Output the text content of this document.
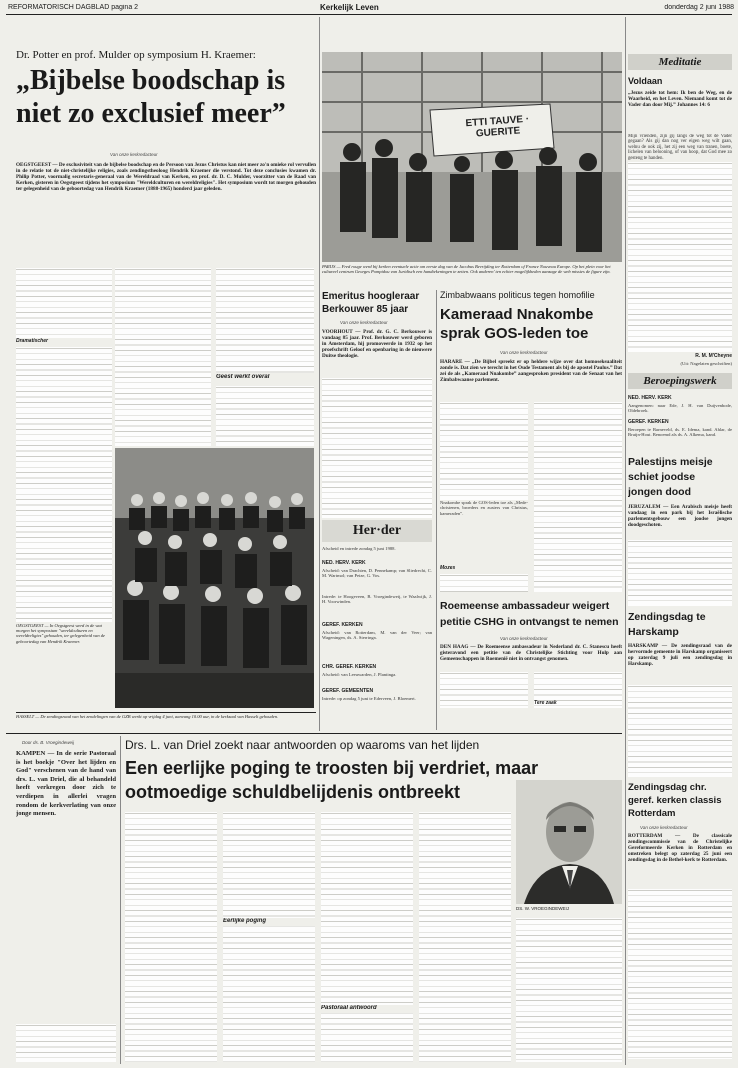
REFORMATORISCH DAGBLAD pagina 2	Kerkelijk Leven	donderdag 2 juni 1988
Dr. Potter en prof. Mulder op symposium H. Kraemer:
„Bijbelse boodschap is niet zo exclusief meer”
Van onze kerkredacteur
OEGSTGEEST — De exclusiviteit van de bijbelse boodschap en de Persoon van Jezus Christus kan niet meer zo'n omieke rol vervullen in de relatie tot de niet-christelijke religies, zoals zendingstheoloog Hendrik Kraemer die verstond. Tot deze conclusies kwamen dr. Philip Potter, voormalig secretaris-generaal van de Wereldraad van Kerken, en prof. dr. D. C. Mulder, voorzitter van de Raad van Kerken, gisteren in Oegstgeest tijdens het symposium "Wereldculturen en wereldreligies". Het symposium wordt tot morgen gehouden ter gelegenheid van de geboortedag van Hendrik Kraemer (1888-1965) honderd jaar geleden.
Dramatischer
OEGSTGEEST — In Oegstgeest werd in de wat morgen het symposium "wereldculturen en wereldreligies" gehouden, ter gelegenheid van de geboortedag van Hendrik Kraemer.
Geest werkt overal
HASSELT — De zendingsraad van het zendelingen van de GZB werkt op vrijdag 4 juni, aanvang 10.00 uur, in de kerkzaal van Hasselt gehouden.
ETTI TAUVE · GUERITE
PARIJS — Fred rouge werd bij kerken eventuele actie om eerste dag van de Jacobus Bevrijding ter Rotterdam of France Nouveau Europe. Op het plein voor het cultureel centrum Georges Pompidou van Juridisch een handtekeningen te zetten. Ook anderen' ten echter mogelijkheden aanzage de web missies de figure zijn.
Emeritus hoogleraar Berkouwer 85 jaar
Van onze kerkredacteur
VOORHOUT — Prof. dr. G. C. Berkouwer is vandaag 85 jaar. Prof. Berkouwer werd geboren in Amsterdam, hij promoveerde in 1932 op het proefschrift Geloof en openbaring in de nieuwere Duitse theologie.
Her·der
Afscheid en intrede zondag 5 juni 1988.
NED. HERV. KERK
Afscheid: van Drachten, D. Pennekamp; van Sliedrecht, C. M. Wartmol; van Peize, G. Vos.
Intrede: te Hoogeveen, B. Vroegindeweij, te Waalwijk, J. H. Voorwinden.
GEREF. KERKEN
Afscheid: van Rotterdam, M. van der Veer; van Wageningen, ds. A. Sterringa.
CHR. GEREF. KERKEN
Afscheid: van Leeuwarden, J. Plantinga.
GEREF. GEMEENTEN
Intrede: op zondag 5 juni te Ederveen, J. Bloemert.
Zimbabwaans politicus tegen homofilie
Kameraad Nnakombe sprak GOS-leden toe
Van onze kerkredacteur
HARARE — „De Bijbel spreekt er op heldere wijze over dat homoseksualiteit zonde is. Dat zien we terecht in het Oude Testament als bij de apostel Paulus.” Dat zei de als „Kameraad Nnakombe” aangesproken president van de Senaat van het Zimbabwaanse parlement.
Nnakombe sprak de GOS-leden toe als „Mede-christenen, broeders en zusters van Christus, kameraden”.
Mozes
Roemeense ambassadeur weigert petitie CSHG in ontvangst te nemen
Van onze kerkredacteur
DEN HAAG — De Roemeense ambassadeur in Nederland dr. C. Stanescu heeft gisteravond een petitie van de Christelijke Stichting voor Hulp aan Gemeenschappen in Roemenië niet in ontvangst genomen.
Tere zaak
Meditatie
Voldaan
„Jezus zeide tot hem: Ik ben de Weg, en de Waarheid, en het Leven. Niemand komt tot de Vader dan door Mij.” Johannes 14: 6
Mijn vrienden, zijn gij langs de weg tot de Vader gegaan? Als gij dan nog ver eigen weg wilt gaan, welnu de ook zij, het zij een weg van tranen, boete, lichelen van belooning, of van hoop, dat God mee zo gesteng te handen.
R. M. M'Cheyne
(Uit: Nagelaten geschriften)
Beroepingswerk
NED. HERV. KERK
Aangenomen: naar Ede, J. H. van Duijvenbode, Oldebroek.
GEREF. KERKEN
Beroepen te Barneveld, ds. E. Idema, kand. Ahlar, de Bruijn-Hout. Benoemd als ds. A. Alkema, kand.
Palestijns meisje schiet joodse jongen dood
JERUZALEM — Een Arabisch meisje heeft vandaag in een park bij het Israëlische parlementsgebouw een joodse jongen doodgeschoten.
Zendingsdag te Harskamp
HARSKAMP — De zendingsraad van de hervormde gemeente in Harskamp organiseert op zaterdag 9 juli een zendingsdag in Harskamp.
Zendingsdag chr. geref. kerken classis Rotterdam
Van onze kerkredacteur
ROTTERDAM — De classicale zendingscommissie van de Christelijke Gereformeerde Kerken in Rotterdam en omstreken belegt op zaterdag 25 juni een zendingsdag in de Bethel-kerk te Rotterdam.
Door ds. B. Vroegindeweij
KAMPEN — In de serie Pastoraal is het boekje "Over het lijden en God" verschenen van de hand van drs. L. van Driel, die al behandeld heeft verkregen door zich te verdiepen in allerlei vragen rondom de kerkverlating van onze jonge mensen.
Drs. L. van Driel zoekt naar antwoorden op waaroms van het lijden
Een eerlijke poging te troosten bij verdriet, maar ootmoedige schuldbelijdenis ontbreekt
Eerlijke poging
Pastoraal antwoord
DS. W. VROEGINDEWEIJ
